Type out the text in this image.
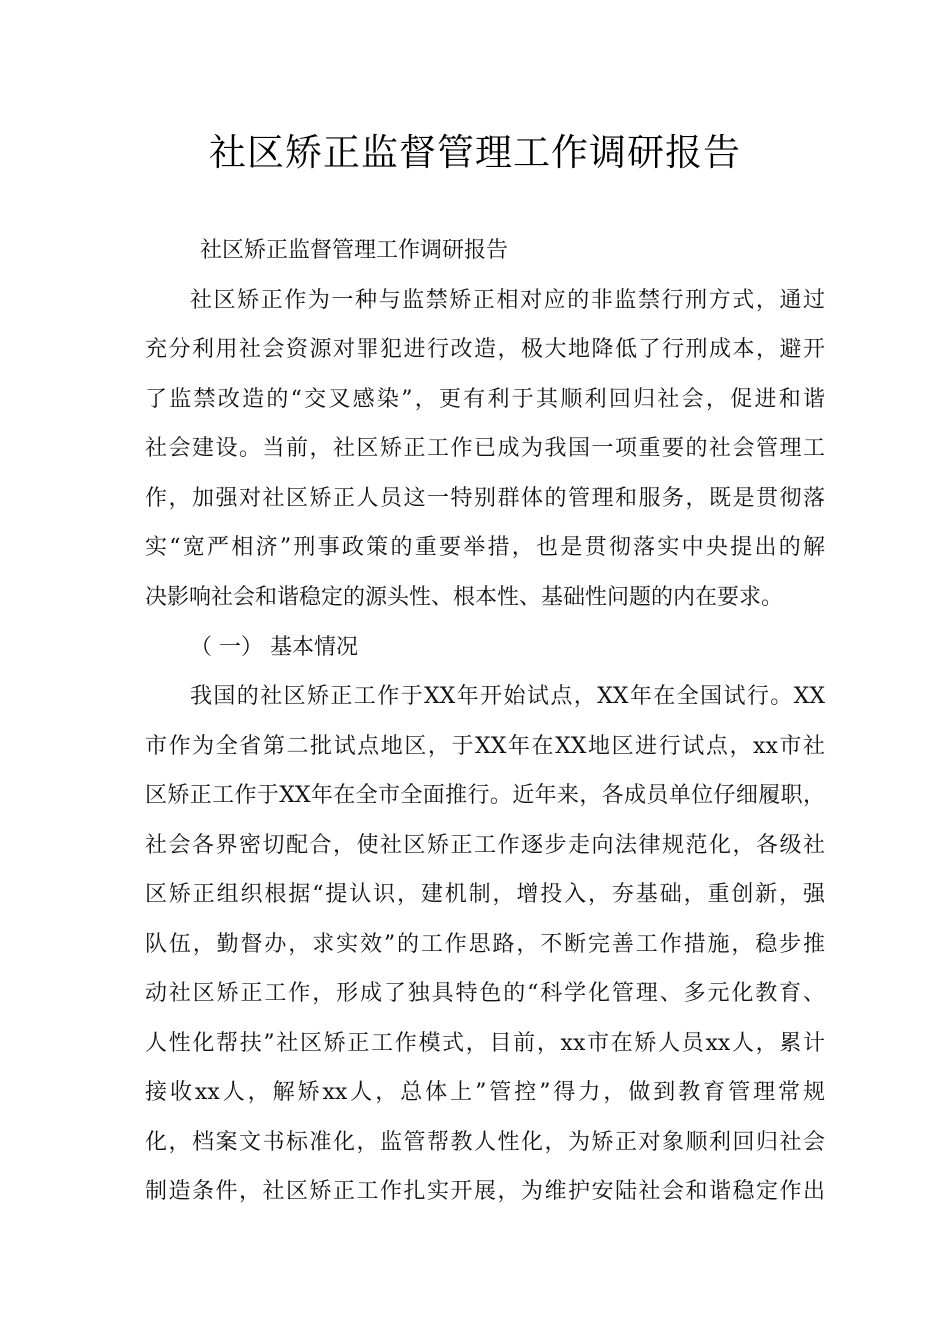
社区矫正监督管理工作调研报告

社区矫正监督管理工作调研报告

社区矫正作为一种与监禁矫正相对应的非监禁行刑方式，通过

充分利用社会资源对罪犯进行改造，极大地降低了行刑成本，避开

了监禁改造的“交叉感染”，更有利于其顺利回归社会，促进和谐

社会建设。当前，社区矫正工作已成为我国一项重要的社会管理工

作，加强对社区矫正人员这一特别群体的管理和服务，既是贯彻落

实“宽严相济”刑事政策的重要举措，也是贯彻落实中央提出的解

决影响社会和谐稳定的源头性、根本性、基础性问题的内在要求。

（ 一） 基本情况

我国的社区矫正工作于XX年开始试点，XX年在全国试行。XX

市作为全省第二批试点地区，于XX年在XX地区进行试点，xx市社

区矫正工作于XX年在全市全面推行。近年来，各成员单位仔细履职，

社会各界密切配合，使社区矫正工作逐步走向法律规范化，各级社

区矫正组织根据“提认识，建机制，增投入，夯基础，重创新，强

队伍，勤督办，求实效”的工作思路，不断完善工作措施，稳步推

动社区矫正工作，形成了独具特色的“科学化管理、多元化教育、

人性化帮扶”社区矫正工作模式，目前，xx市在矫人员xx人，累计

接收xx人，解矫xx人，总体上”管控”得力，做到教育管理常规

化，档案文书标准化，监管帮教人性化，为矫正对象顺利回归社会

制造条件，社区矫正工作扎实开展，为维护安陆社会和谐稳定作出
